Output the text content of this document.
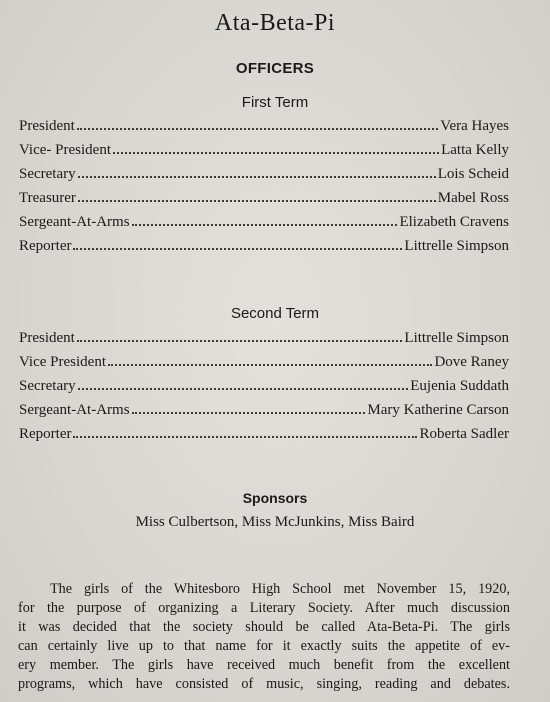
Ata-Beta-Pi
OFFICERS
First Term
President	Vera Hayes
Vice- President	Latta Kelly
Secretary	Lois Scheid
Treasurer	Mabel Ross
Sergeant-At-Arms	Elizabeth Cravens
Reporter	Littrelle Simpson
Second Term
President	Littrelle Simpson
Vice President	Dove Raney
Secretary	Eujenia Suddath
Sergeant-At-Arms	Mary Katherine Carson
Reporter	Roberta Sadler
Sponsors
Miss Culbertson, Miss McJunkins, Miss Baird
The girls of the Whitesboro High School met November 15, 1920,
for the purpose of organizing a Literary Society. After much discussion
it was decided that the society should be called Ata-Beta-Pi. The girls
can certainly live up to that name for it exactly suits the appetite of ev-
ery member. The girls have received much benefit from the excellent
programs, which have consisted of music, singing, reading and debates.
